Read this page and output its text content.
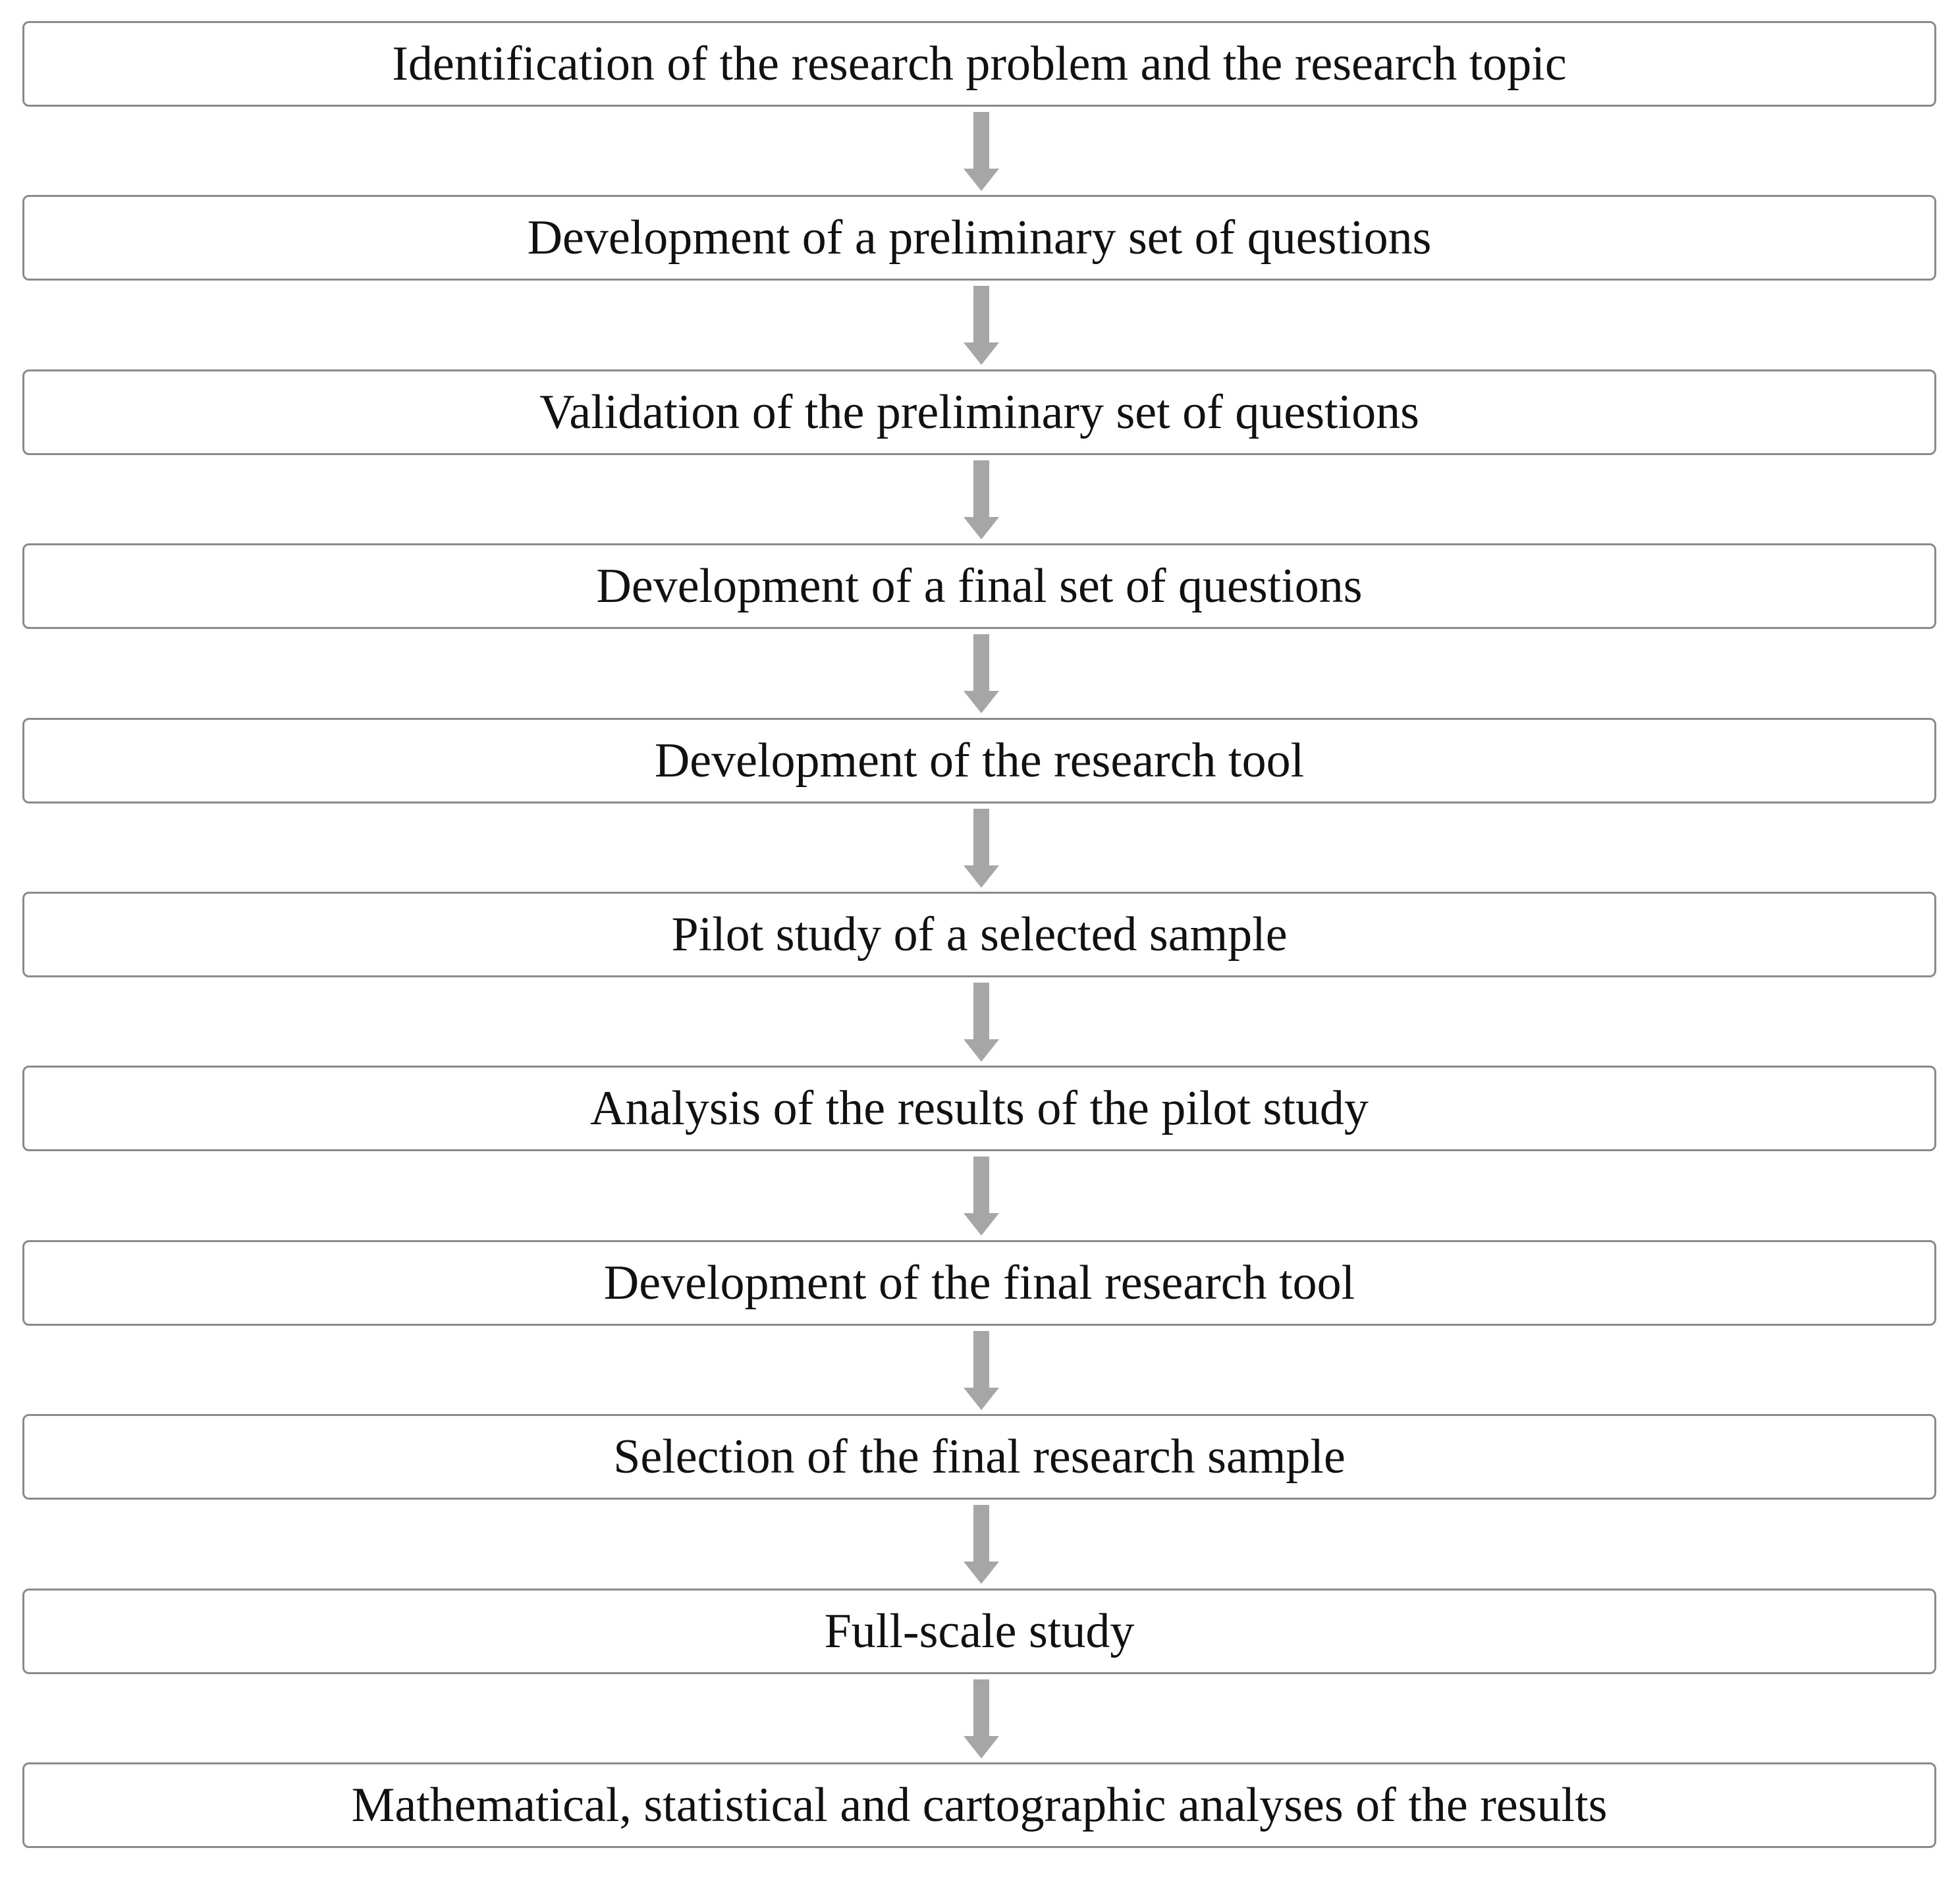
Identification of the research problem and the research topic
Development of a preliminary set of questions
Validation of the preliminary set of questions
Development of a final set of questions
Development of the research tool
Pilot study of a selected sample
Analysis of the results of the pilot study
Development of the final research tool
Selection of the final research sample
Full-scale study
Mathematical, statistical and cartographic analyses of the results
